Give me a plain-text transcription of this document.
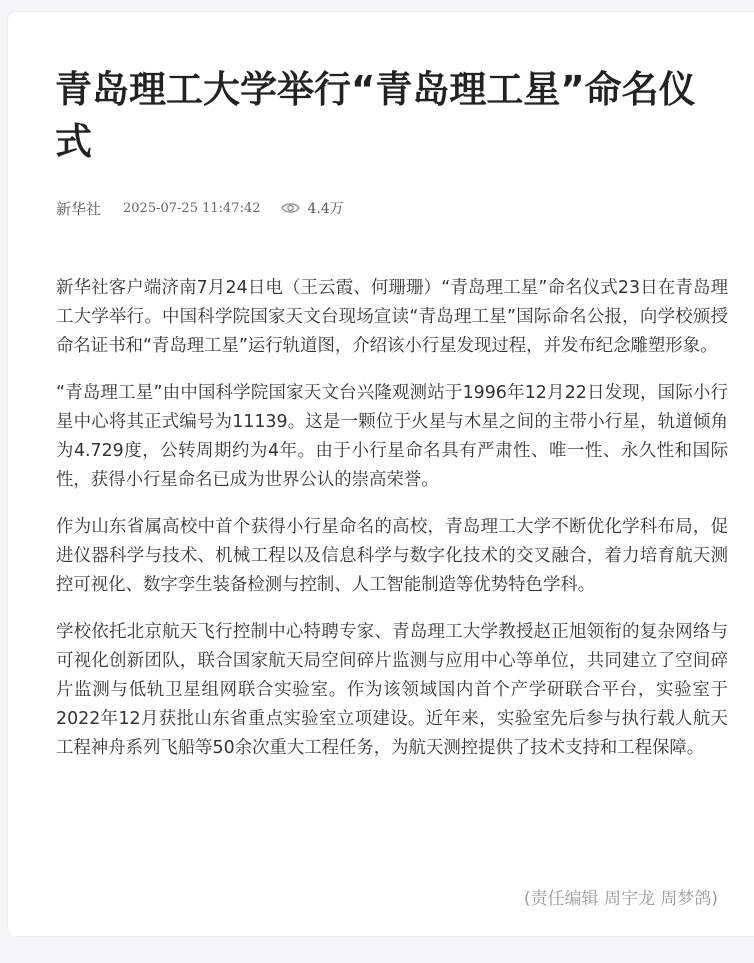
青岛理工大学举行“青岛理工星”命名仪式
新华社 2025-07-25 11:47:42	4.4万

新华社客户端济南7月24日电（王云霞、何珊珊）“青岛理工星”命名仪式23日在青岛理工大学举行。中国科学院国家天文台现场宣读“青岛理工星”国际命名公报，向学校颁授命名证书和“青岛理工星”运行轨道图，介绍该小行星发现过程，并发布纪念雕塑形象。

“青岛理工星”由中国科学院国家天文台兴隆观测站于1996年12月22日发现，国际小行星中心将其正式编号为11139。这是一颗位于火星与木星之间的主带小行星，轨道倾角为4.729度，公转周期约为4年。由于小行星命名具有严肃性、唯一性、永久性和国际性，获得小行星命名已成为世界公认的崇高荣誉。

作为山东省属高校中首个获得小行星命名的高校，青岛理工大学不断优化学科布局，促进仪器科学与技术、机械工程以及信息科学与数字化技术的交叉融合，着力培育航天测控可视化、数字孪生装备检测与控制、人工智能制造等优势特色学科。

学校依托北京航天飞行控制中心特聘专家、青岛理工大学教授赵正旭领衔的复杂网络与可视化创新团队，联合国家航天局空间碎片监测与应用中心等单位，共同建立了空间碎片监测与低轨卫星组网联合实验室。作为该领域国内首个产学研联合平台，实验室于2022年12月获批山东省重点实验室立项建设。近年来，实验室先后参与执行载人航天工程神舟系列飞船等50余次重大工程任务，为航天测控提供了技术支持和工程保障。

(责任编辑 周宇龙 周梦鸽)
